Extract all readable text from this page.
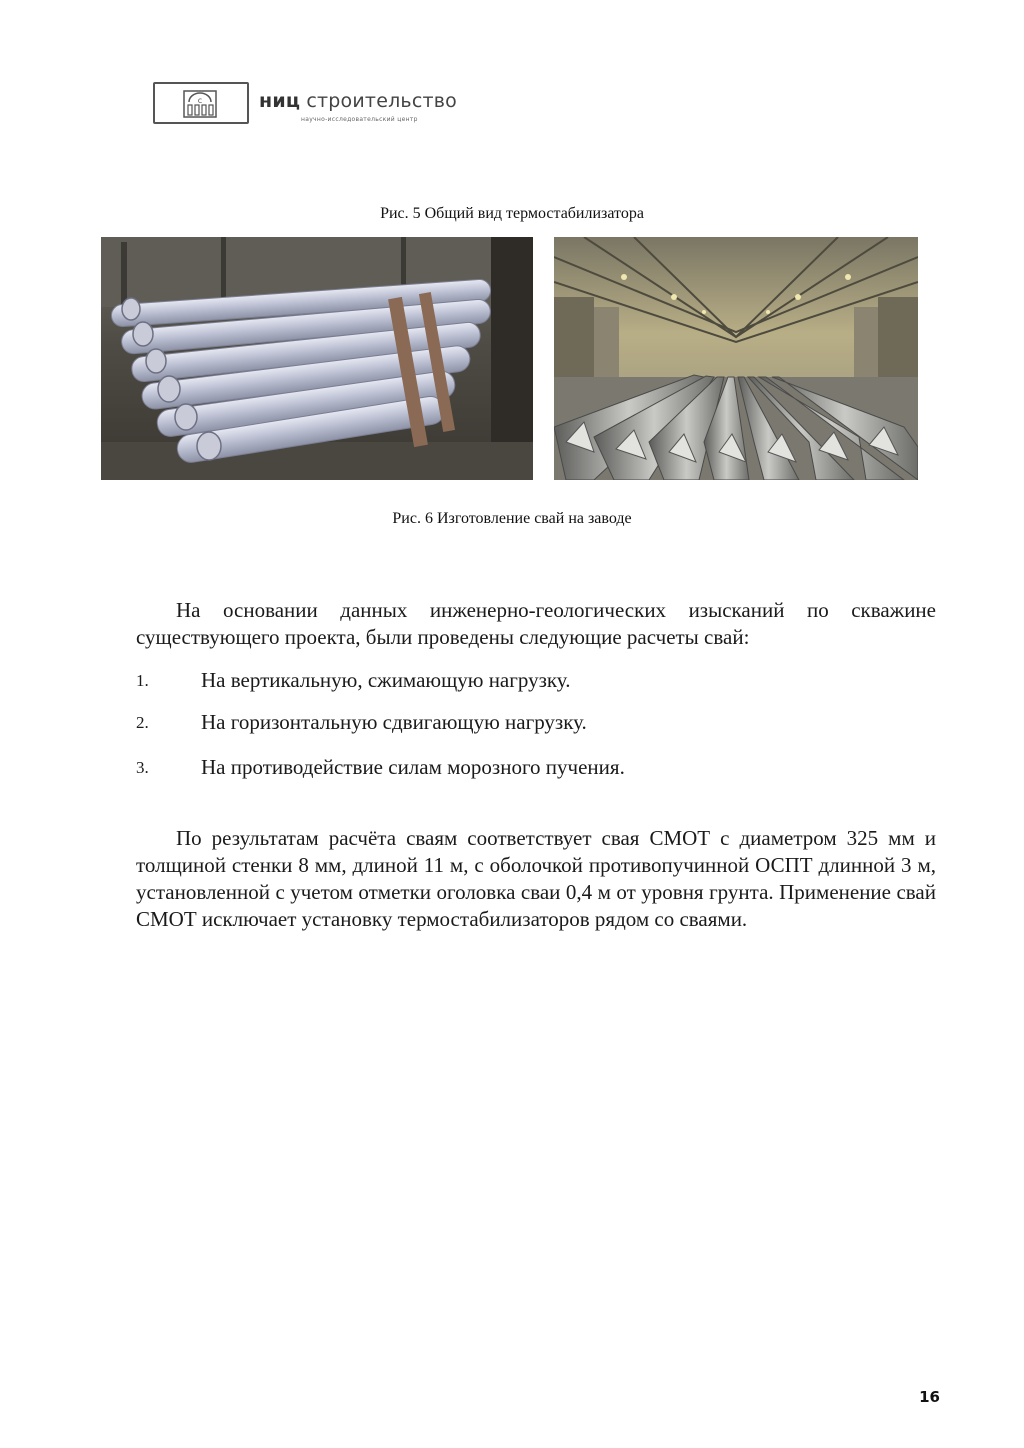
c	ниц строительство
научно-исследовательский центр
Рис. 5 Общий вид термостабилизатора
Рис. 6 Изготовление свай на заводе
На основании данных инженерно-геологических изысканий по скважине существующего проекта, были проведены следующие расчеты свай:
1. На вертикальную, сжимающую нагрузку.
2. На горизонтальную сдвигающую нагрузку.
3. На противодействие силам морозного пучения.
По результатам расчёта сваям соответствует свая СМОТ с диаметром 325 мм и толщиной стенки 8 мм, длиной 11 м, с оболочкой противопучинной ОСПТ длинной 3 м, установленной с учетом отметки оголовка сваи 0,4 м от уровня грунта. Применение свай СМОТ исключает установку термостабилизаторов рядом со сваями.
16
